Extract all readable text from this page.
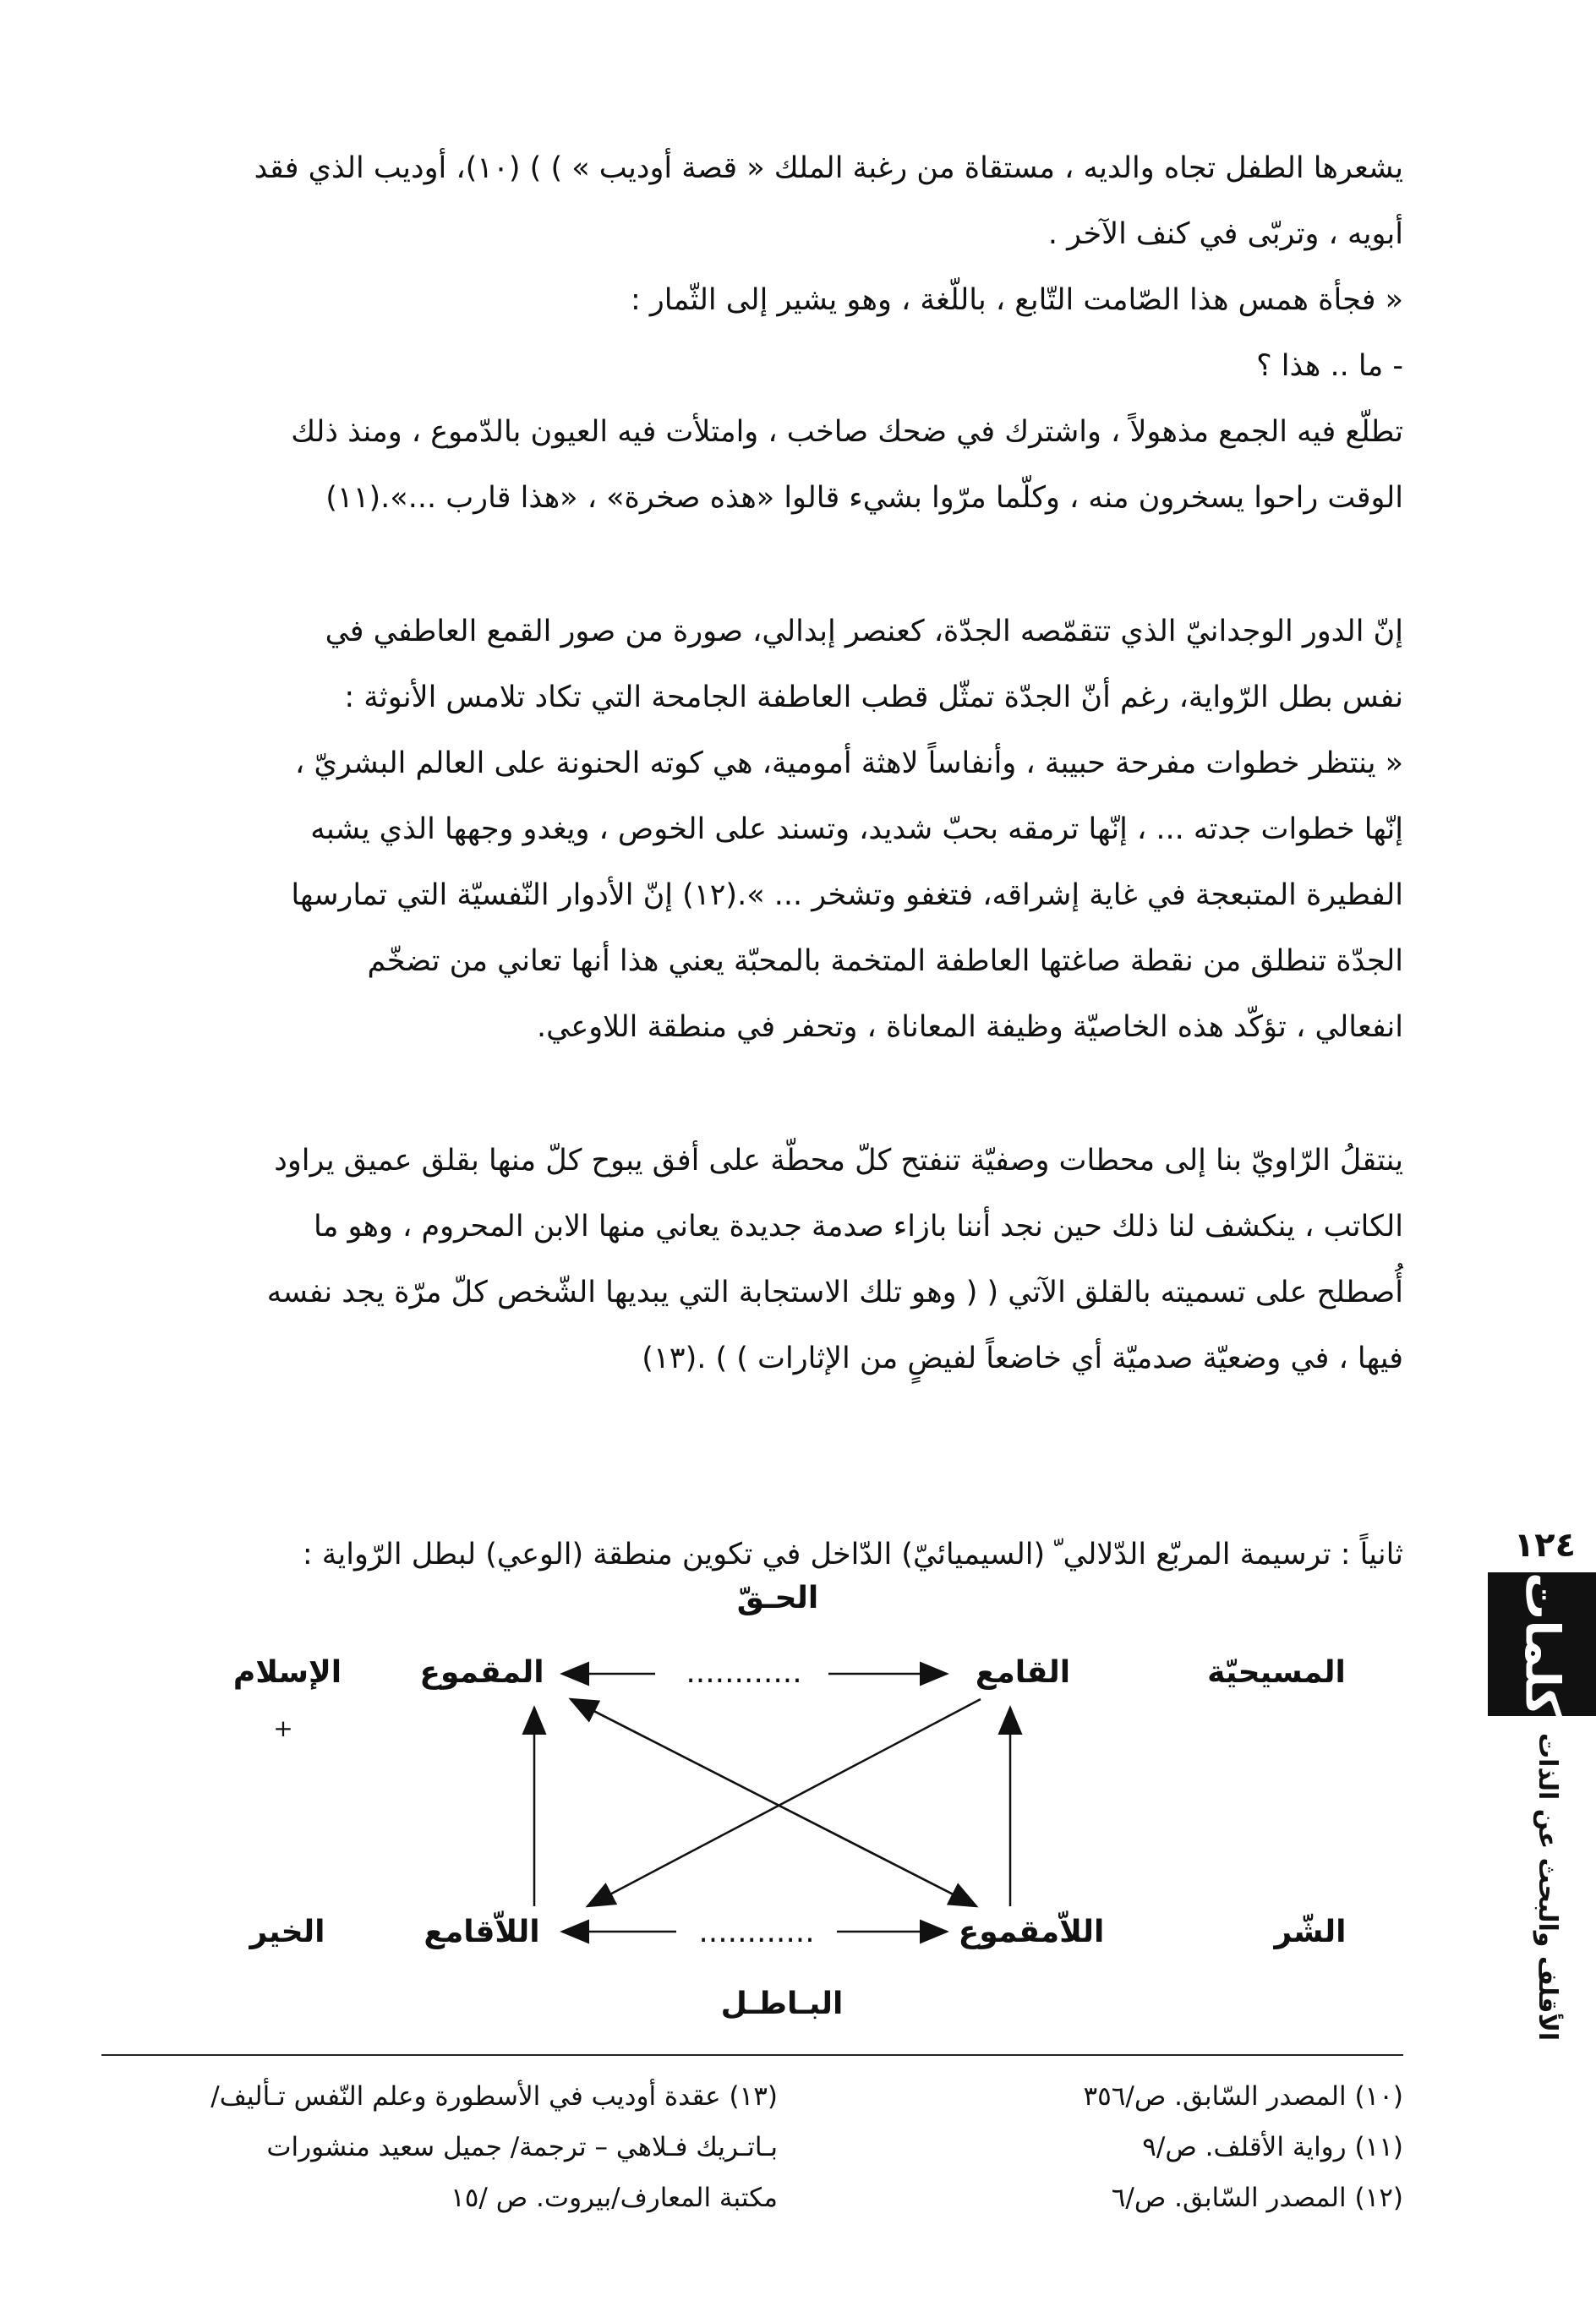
يشعرها الطفل تجاه والديه ، مستقاة من رغبة الملك « قصة أوديب » ) ) (١٠)، أوديب الذي فقد
أبويه ، وتربّى في كنف الآخر .
« فجأة همس هذا الصّامت التّابع ، باللّغة ، وهو يشير إلى الثّمار :
- ما .. هذا ؟
تطلّع فيه الجمع مذهولاً ، واشترك في ضحك صاخب ، وامتلأت فيه العيون بالدّموع ، ومنذ ذلك
الوقت راحوا يسخرون منه ، وكلّما مرّوا بشيء قالوا «هذه صخرة» ، «هذا قارب ...».(١١)

إنّ الدور الوجدانيّ الذي تتقمّصه الجدّة، كعنصر إبدالي، صورة من صور القمع العاطفي في
نفس بطل الرّواية، رغم أنّ الجدّة تمثّل قطب العاطفة الجامحة التي تكاد تلامس الأنوثة :
« ينتظر خطوات مفرحة حبيبة ، وأنفاساً لاهثة أمومية، هي كوته الحنونة على العالم البشريّ ،
إنّها خطوات جدته ... ، إنّها ترمقه بحبّ شديد، وتسند على الخوص ، ويغدو وجهها الذي يشبه
الفطيرة المتبعجة في غاية إشراقه، فتغفو وتشخر ... ».(١٢) إنّ الأدوار النّفسيّة التي تمارسها
الجدّة تنطلق من نقطة صاغتها العاطفة المتخمة بالمحبّة يعني هذا أنها تعاني من تضخّم
انفعالي ، تؤكّد هذه الخاصيّة وظيفة المعاناة ، وتحفر في منطقة اللاوعي.

ينتقلُ الرّاويّ بنا إلى محطات وصفيّة تنفتح كلّ محطّة على أفق يبوح كلّ منها بقلق عميق يراود
الكاتب ، ينكشف لنا ذلك حين نجد أننا بازاء صدمة جديدة يعاني منها الابن المحروم ، وهو ما
أُصطلح على تسميته بالقلق الآتي ( ( وهو تلك الاستجابة التي يبديها الشّخص كلّ مرّة يجد نفسه
فيها ، في وضعيّة صدميّة أي خاضعاً لفيضٍ من الإثارات ) ) .(١٣)

ثانياً : ترسيمة المربّع الدّلالي ّ (السيميائيّ) الدّاخل في تكوين منطقة (الوعي) لبطل الرّواية :

الحـقّ
القامع
المقموع	............	المسيحيّة
الإسلام
+
اللاّمقموع
اللاّقامع	............	الشّر
الخير
البـاطـل
(١٠) المصدر السّابق. ص/٣٥٦
(١١) رواية الأقلف. ص/٩
(١٢) المصدر السّابق. ص/٦
(١٣) عقدة أوديب في الأسطورة وعلم النّفس تـأليف/
بـاتـريك فـلاهي – ترجمة/ جميل سعيد منشورات
مكتبة المعارف/بيروت. ص /١٥
١٢٤
كلمات
الأقلف والبحث عن الذات
